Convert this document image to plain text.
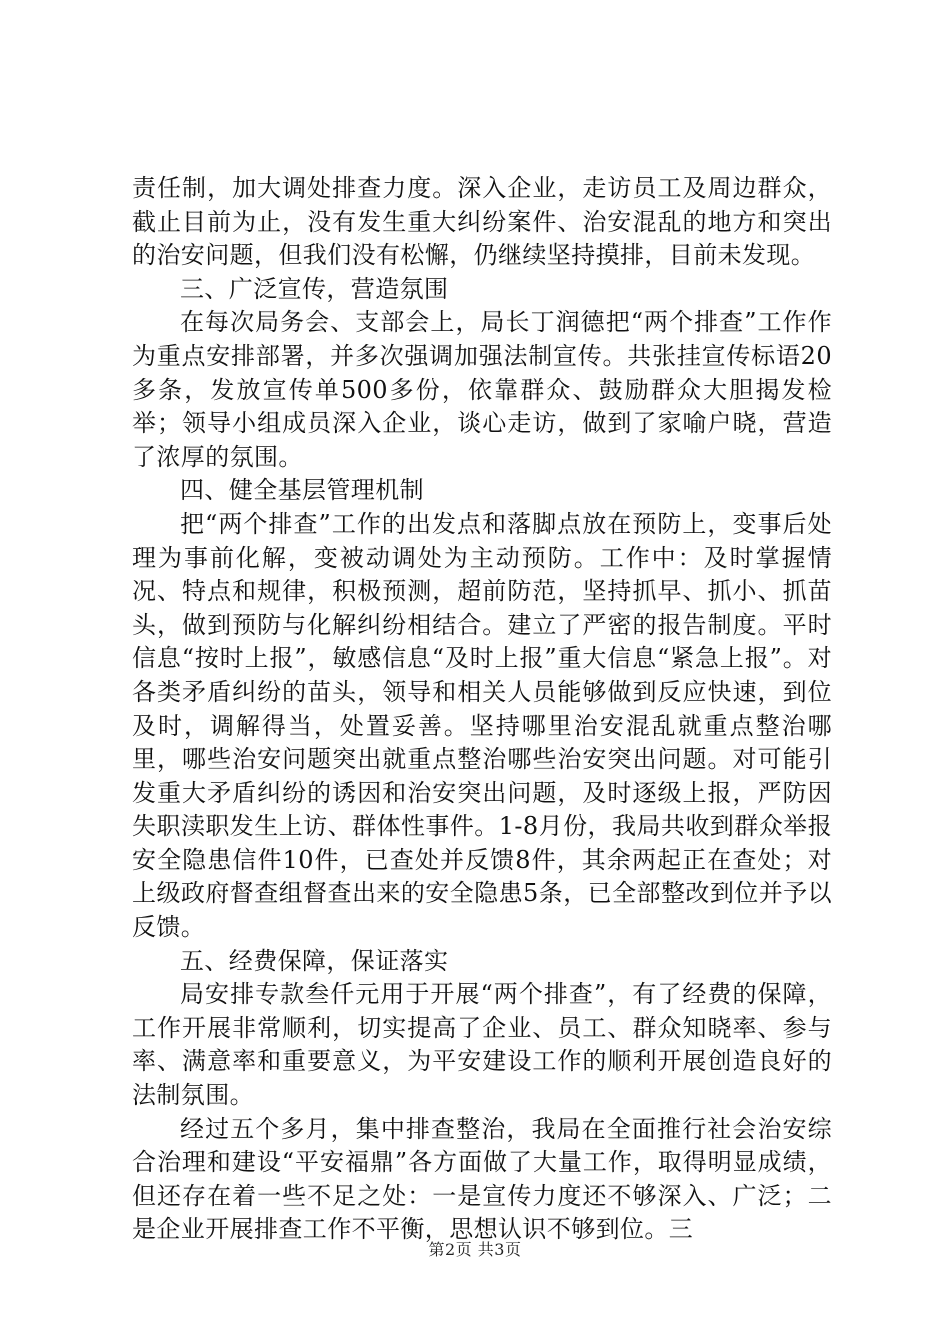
责任制，加大调处排查力度。深入企业，走访员工及周边群众，截止目前为止，没有发生重大纠纷案件、治安混乱的地方和突出的治安问题，但我们没有松懈，仍继续坚持摸排，目前未发现。

三、广泛宣传，营造氛围

在每次局务会、支部会上，局长丁润德把“两个排查”工作作为重点安排部署，并多次强调加强法制宣传。共张挂宣传标语20多条，发放宣传单500多份，依靠群众、鼓励群众大胆揭发检举；领导小组成员深入企业，谈心走访，做到了家喻户晓，营造了浓厚的氛围。

四、健全基层管理机制

把“两个排查”工作的出发点和落脚点放在预防上，变事后处理为事前化解，变被动调处为主动预防。工作中：及时掌握情况、特点和规律，积极预测，超前防范，坚持抓早、抓小、抓苗头，做到预防与化解纠纷相结合。建立了严密的报告制度。平时信息“按时上报”，敏感信息“及时上报”重大信息“紧急上报”。对各类矛盾纠纷的苗头，领导和相关人员能够做到反应快速，到位及时，调解得当，处置妥善。坚持哪里治安混乱就重点整治哪里，哪些治安问题突出就重点整治哪些治安突出问题。对可能引发重大矛盾纠纷的诱因和治安突出问题，及时逐级上报，严防因失职渎职发生上访、群体性事件。1-8月份，我局共收到群众举报安全隐患信件10件，已查处并反馈8件，其余两起正在查处；对上级政府督查组督查出来的安全隐患5条，已全部整改到位并予以反馈。

五、经费保障，保证落实

局安排专款叁仟元用于开展“两个排查”，有了经费的保障，工作开展非常顺利，切实提高了企业、员工、群众知晓率、参与率、满意率和重要意义，为平安建设工作的顺利开展创造良好的法制氛围。

经过五个多月，集中排查整治，我局在全面推行社会治安综合治理和建设“平安福鼎”各方面做了大量工作，取得明显成绩，但还存在着一些不足之处：一是宣传力度还不够深入、广泛；二是企业开展排查工作不平衡，思想认识不够到位。三

第2页 共3页
